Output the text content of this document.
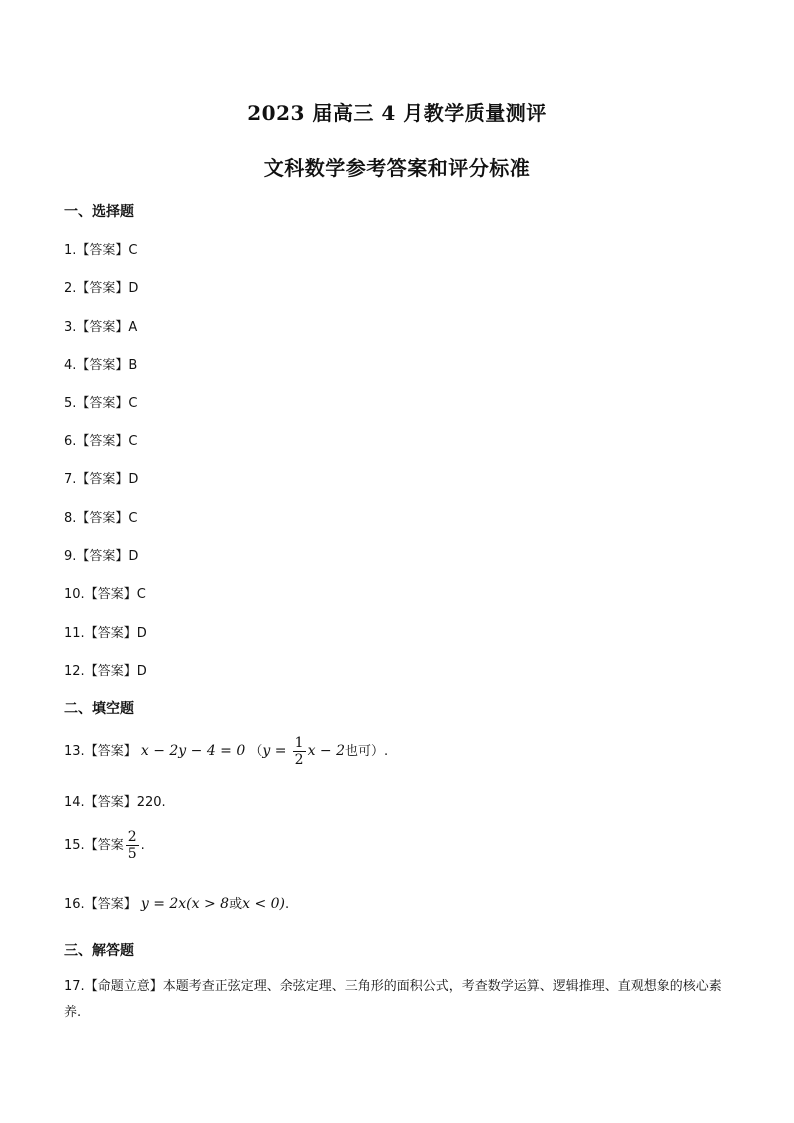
2023 届高三 4 月教学质量测评
文科数学参考答案和评分标准
一、选择题
1.【答案】C
2.【答案】D
3.【答案】A
4.【答案】B
5.【答案】C
6.【答案】C
7.【答案】D
8.【答案】C
9.【答案】D
10.【答案】C
11.【答案】D
12.【答案】D
二、填空题
13.【答案】 x − 2y − 4 = 0 （$y = \frac{1}{2}$ x − 2也可）.
14.【答案】220.
15.【答案 $\frac{2}{5}$ .
16.【答案】 y = 2x(x > 8或x < 0).
三、解答题
17.【命题立意】本题考查正弦定理、余弦定理、三角形的面积公式，考查数学运算、逻辑推理、直观想象的核心素养.
